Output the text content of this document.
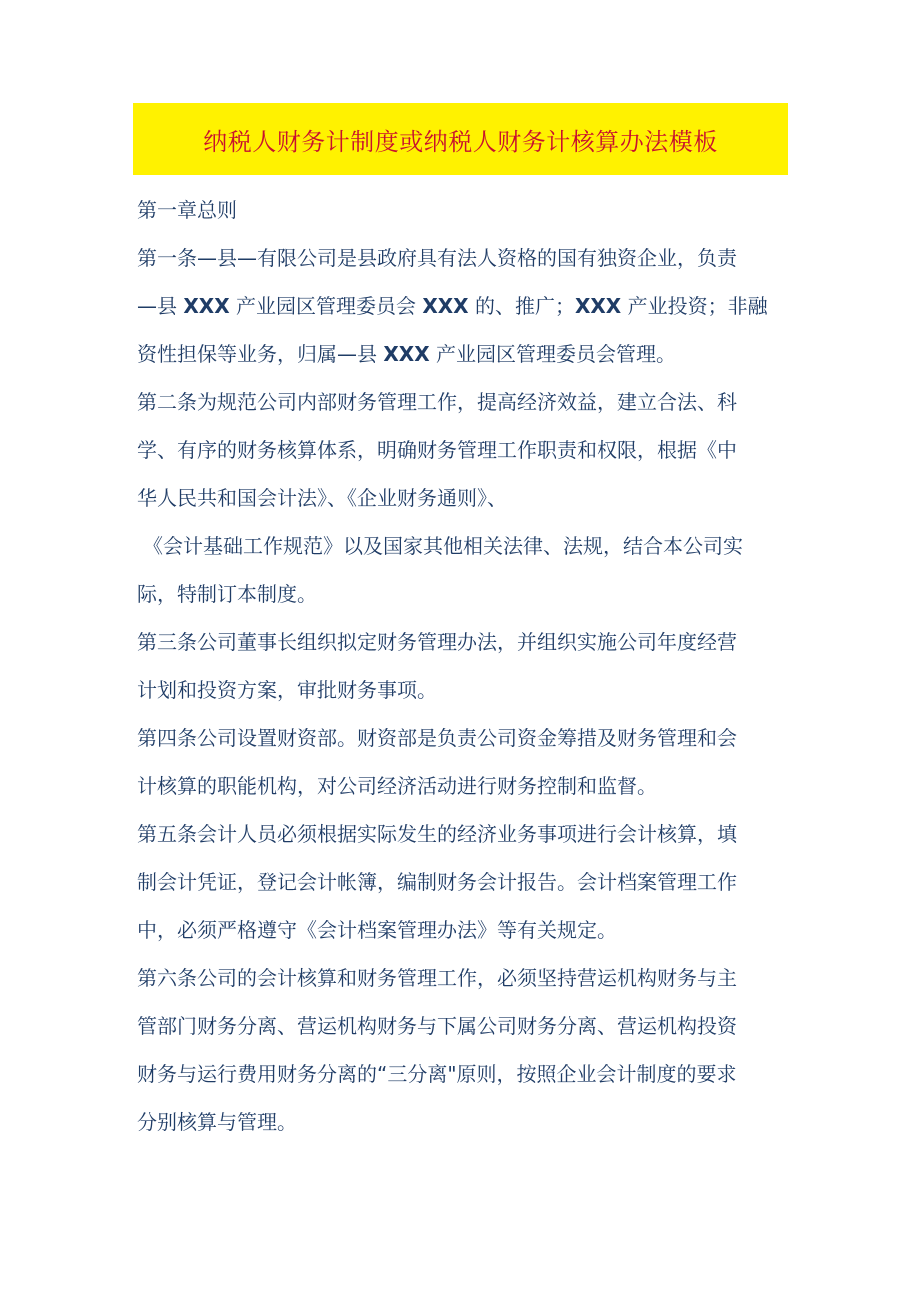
纳税人财务计制度或纳税人财务计核算办法模板
第一章总则
第一条—县—有限公司是县政府具有法人资格的国有独资企业，负责
—县 XXX 产业园区管理委员会 XXX 的、推广；XXX 产业投资；非融
资性担保等业务，归属—县 XXX 产业园区管理委员会管理。
第二条为规范公司内部财务管理工作，提高经济效益，建立合法、科
学、有序的财务核算体系，明确财务管理工作职责和权限，根据《中
华人民共和国会计法》、《企业财务通则》、
《会计基础工作规范》以及国家其他相关法律、法规，结合本公司实
际，特制订本制度。
第三条公司董事长组织拟定财务管理办法，并组织实施公司年度经营
计划和投资方案，审批财务事项。
第四条公司设置财资部。财资部是负责公司资金筹措及财务管理和会
计核算的职能机构，对公司经济活动进行财务控制和监督。
第五条会计人员必须根据实际发生的经济业务事项进行会计核算，填
制会计凭证，登记会计帐簿，编制财务会计报告。会计档案管理工作
中，必须严格遵守《会计档案管理办法》等有关规定。
第六条公司的会计核算和财务管理工作，必须坚持营运机构财务与主
管部门财务分离、营运机构财务与下属公司财务分离、营运机构投资
财务与运行费用财务分离的“三分离"原则，按照企业会计制度的要求
分别核算与管理。
